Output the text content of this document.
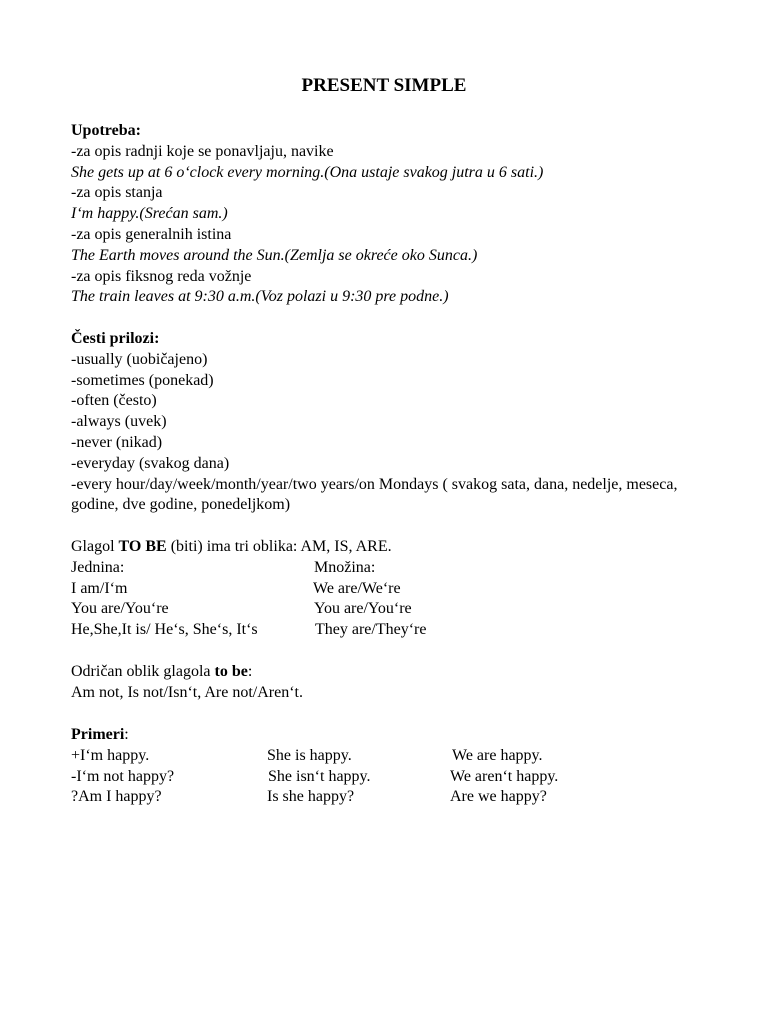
PRESENT SIMPLE
Upotreba:
-za opis radnji koje se ponavljaju, navike
She gets up at 6 o‘clock every morning.(Ona ustaje svakog jutra u 6 sati.)
-za opis stanja
I‘m happy.(Srećan sam.)
-za opis generalnih istina
The Earth moves around the Sun.(Zemlja se okreće oko Sunca.)
-za opis fiksnog reda vožnje
The train leaves at 9:30 a.m.(Voz polazi u 9:30 pre podne.)
Česti prilozi:
-usually (uobičajeno)
-sometimes (ponekad)
-often (često)
-always (uvek)
-never (nikad)
-everyday (svakog dana)
-every hour/day/week/month/year/two years/on Mondays ( svakog sata, dana, nedelje, meseca, godine, dve godine, ponedeljkom)
Glagol TO BE (biti) ima tri oblika: AM, IS, ARE.
Jednina:	Množina:
I am/I‘m	We are/We‘re
You are/You‘re	You are/You‘re
He,She,It is/ He‘s, She‘s, It‘s	They are/They‘re
Odričan oblik glagola to be:
Am not, Is not/Isn‘t, Are not/Aren‘t.
Primeri:
+I‘m happy.	She is happy.	We are happy.
-I‘m not happy?	She isn‘t happy.	We aren‘t happy.
?Am I happy?	Is she happy?	Are we happy?
